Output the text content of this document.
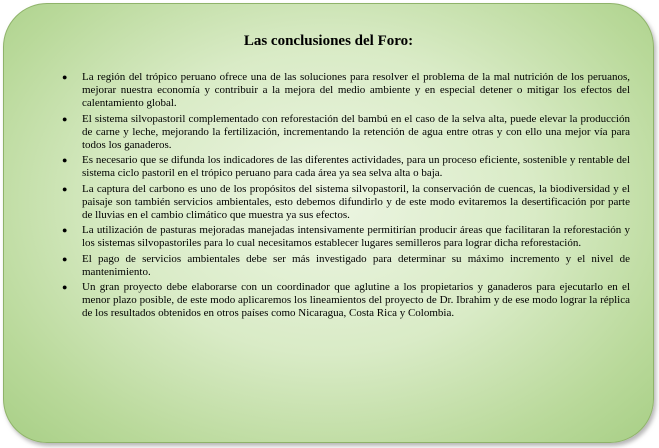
Las conclusiones del Foro:
● La región del trópico peruano ofrece una de las soluciones para resolver el problema de la mal nutrición de los peruanos, mejorar nuestra economía y contribuir a la mejora del medio ambiente y en especial detener o mitigar los efectos del calentamiento global.
● El sistema silvopastoril complementado con reforestación del bambú en el caso de la selva alta, puede elevar la producción de carne y leche, mejorando la fertilización, incrementando la retención de agua entre otras y con ello una mejor vía para todos los ganaderos.
● Es necesario que se difunda los indicadores de las diferentes actividades, para un proceso eficiente, sostenible y rentable del sistema ciclo pastoril en el trópico peruano para cada área ya sea selva alta o baja.
● La captura del carbono es uno de los propósitos del sistema silvopastoril, la conservación de cuencas, la biodiversidad y el paisaje son también servicios ambientales, esto debemos difundirlo y de este modo evitaremos la desertificación por parte de lluvias en el cambio climático que muestra ya sus efectos.
● La utilización de pasturas mejoradas manejadas intensivamente permitirían producir áreas que facilitaran la reforestación y los sistemas silvopastoriles para lo cual necesitamos establecer lugares semilleros para lograr dicha reforestación.
● El pago de servicios ambientales debe ser más investigado para determinar su máximo incremento y el nivel de mantenimiento.
● Un gran proyecto debe elaborarse con un coordinador que aglutine a los propietarios y ganaderos para ejecutarlo en el menor plazo posible, de este modo aplicaremos los lineamientos del proyecto de Dr. Ibrahim y de ese modo lograr la réplica de los resultados obtenidos en otros países como Nicaragua, Costa Rica y Colombia.
